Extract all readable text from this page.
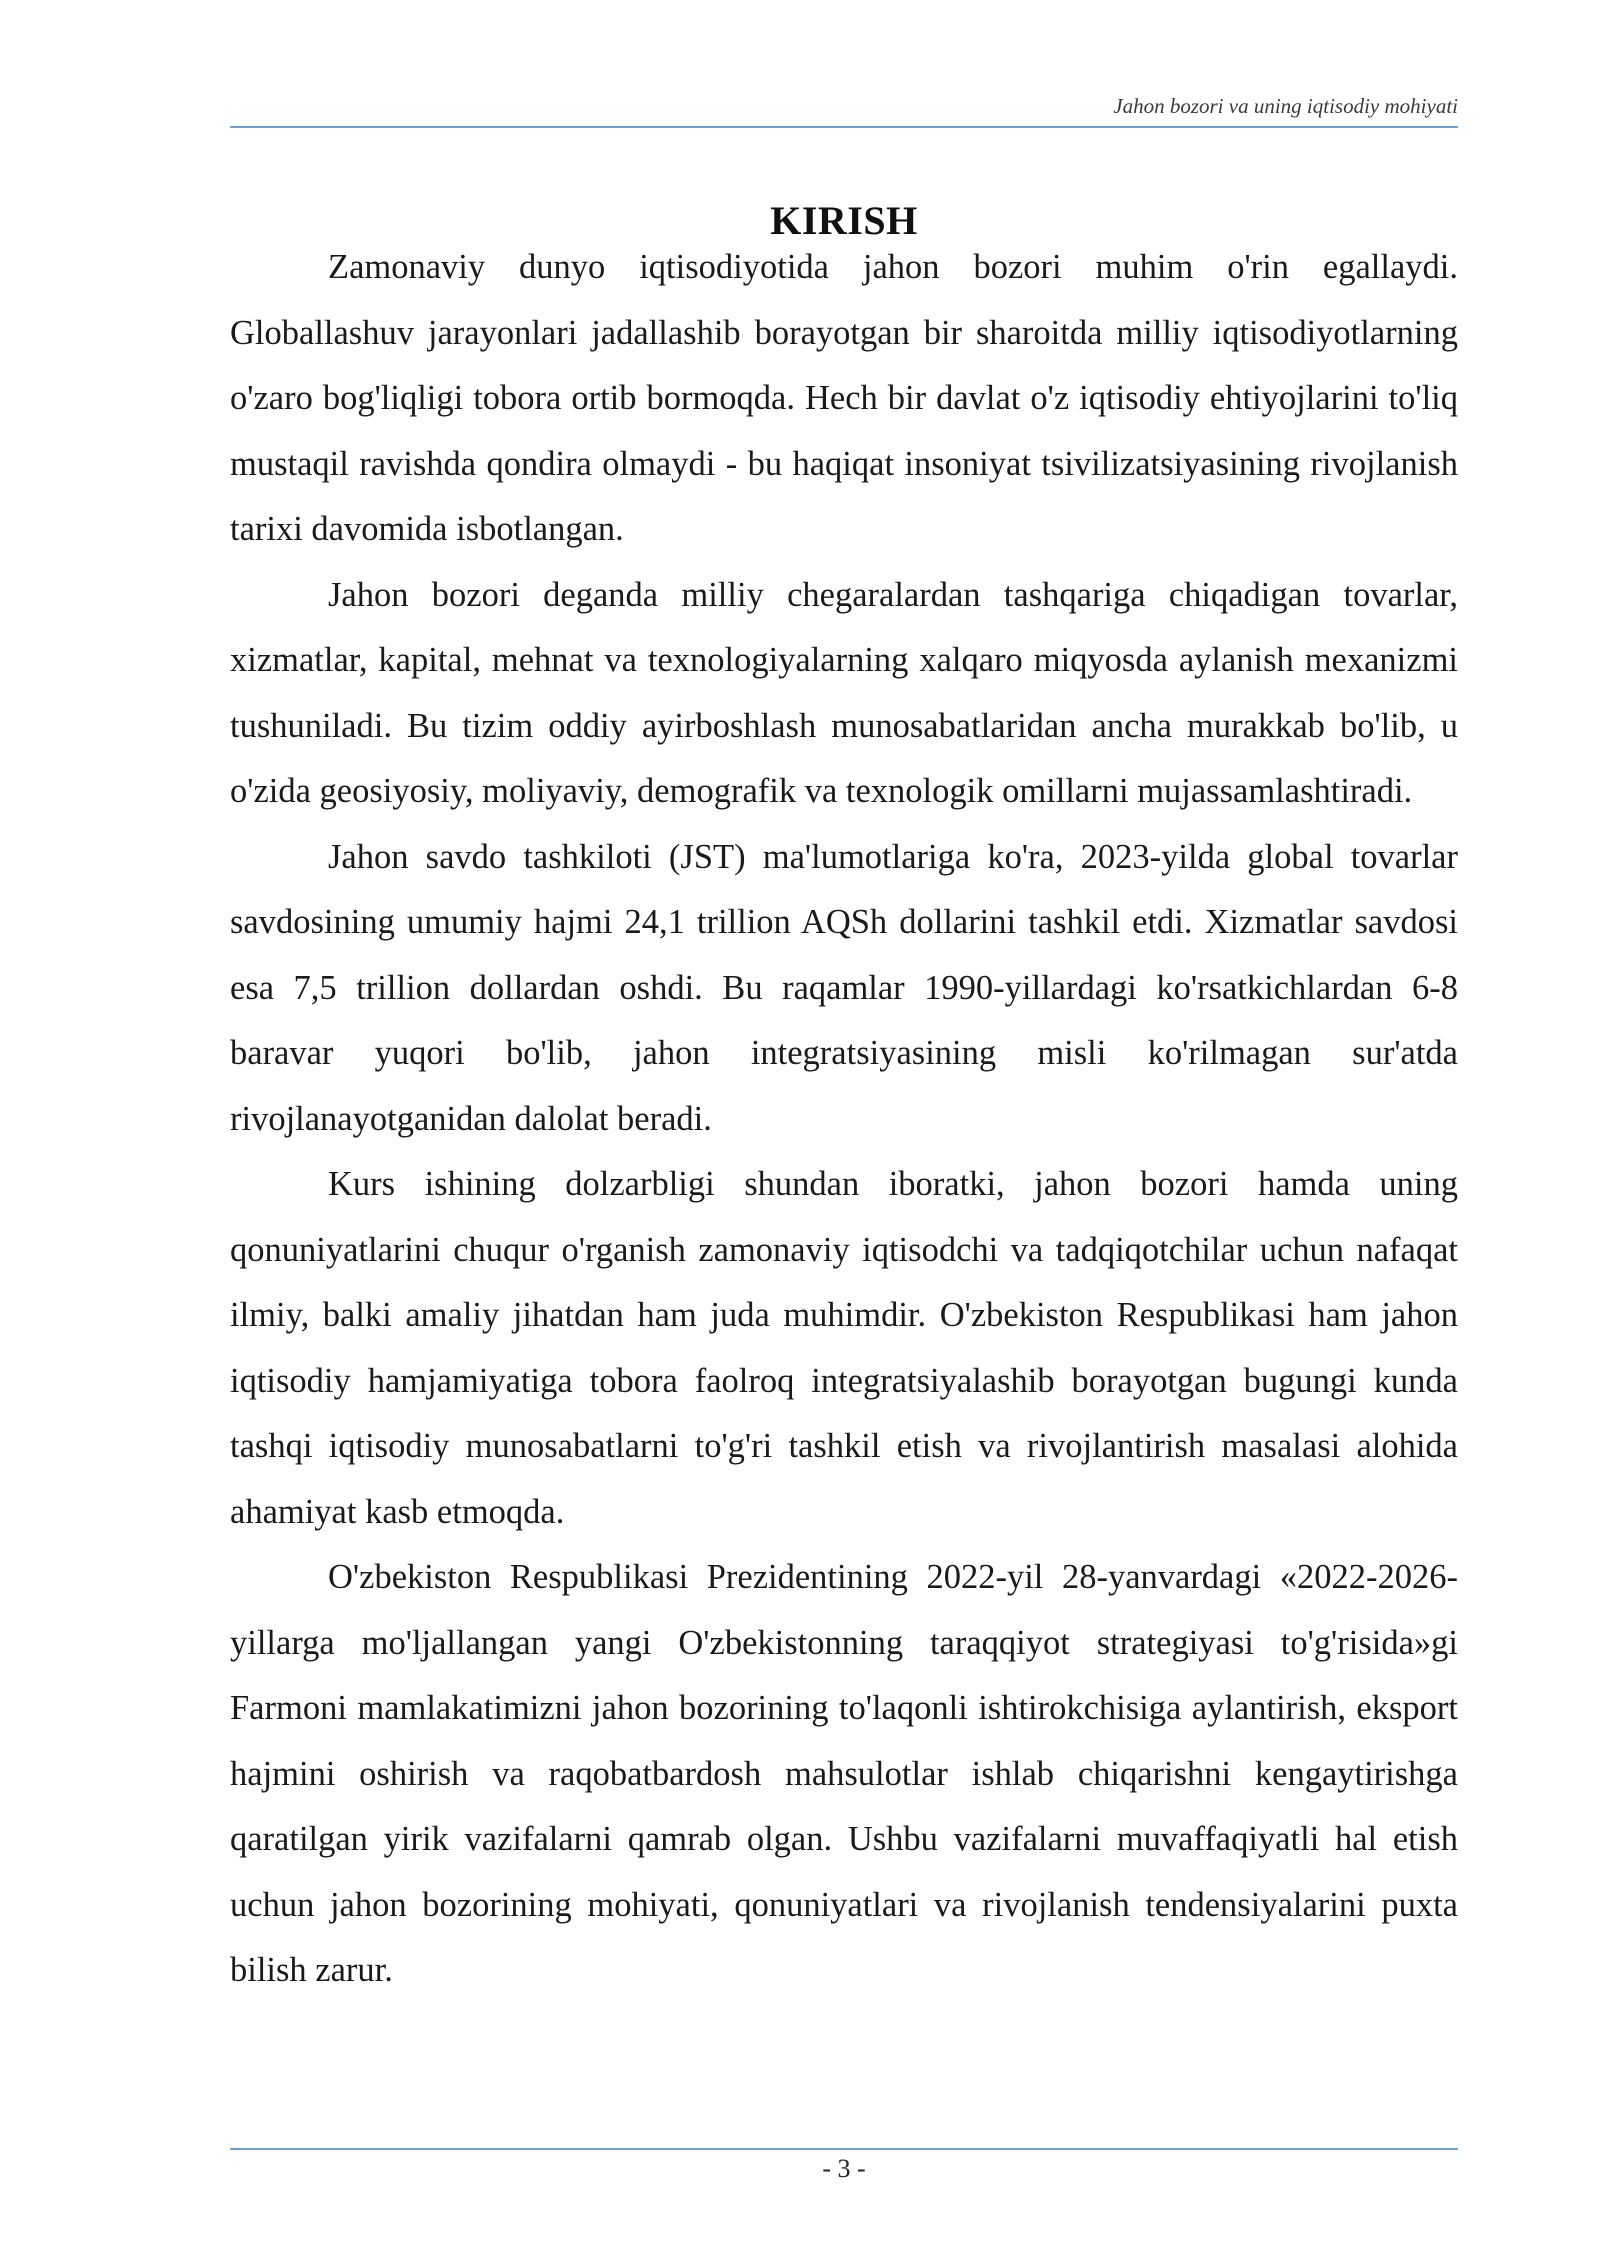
Jahon bozori va uning iqtisodiy mohiyati
KIRISH

Zamonaviy dunyo iqtisodiyotida jahon bozori muhim o'rin egallaydi. Globallashuv jarayonlari jadallashib borayotgan bir sharoitda milliy iqtisodiyotlarning o'zaro bog'liqligi tobora ortib bormoqda. Hech bir davlat o'z iqtisodiy ehtiyojlarini to'liq mustaqil ravishda qondira olmaydi - bu haqiqat insoniyat tsivilizatsiyasining rivojlanish tarixi davomida isbotlangan.

Jahon bozori deganda milliy chegaralardan tashqariga chiqadigan tovarlar, xizmatlar, kapital, mehnat va texnologiyalarning xalqaro miqyosda aylanish mexanizmi tushuniladi. Bu tizim oddiy ayirboshlash munosabatlaridan ancha murakkab bo'lib, u o'zida geosiyosiy, moliyaviy, demografik va texnologik omillarni mujassamlashtiradi.

Jahon savdo tashkiloti (JST) ma'lumotlariga ko'ra, 2023-yilda global tovarlar savdosining umumiy hajmi 24,1 trillion AQSh dollarini tashkil etdi. Xizmatlar savdosi esa 7,5 trillion dollardan oshdi. Bu raqamlar 1990-yillardagi ko'rsatkichlardan 6-8 baravar yuqori bo'lib, jahon integratsiyasining misli ko'rilmagan sur'atda rivojlanayotganidan dalolat beradi.

Kurs ishining dolzarbligi shundan iboratki, jahon bozori hamda uning qonuniyatlarini chuqur o'rganish zamonaviy iqtisodchi va tadqiqotchilar uchun nafaqat ilmiy, balki amaliy jihatdan ham juda muhimdir. O'zbekiston Respublikasi ham jahon iqtisodiy hamjamiyatiga tobora faolroq integratsiyalashib borayotgan bugungi kunda tashqi iqtisodiy munosabatlarni to'g'ri tashkil etish va rivojlantirish masalasi alohida ahamiyat kasb etmoqda.

O'zbekiston Respublikasi Prezidentining 2022-yil 28-yanvardagi «2022-2026-yillarga mo'ljallangan yangi O'zbekistonning taraqqiyot strategiyasi to'g'risida»gi Farmoni mamlakatimizni jahon bozorining to'laqonli ishtirokchisiga aylantirish, eksport hajmini oshirish va raqobatbardosh mahsulotlar ishlab chiqarishni kengaytirishga qaratilgan yirik vazifalarni qamrab olgan. Ushbu vazifalarni muvaffaqiyatli hal etish uchun jahon bozorining mohiyati, qonuniyatlari va rivojlanish tendensiyalarini puxta bilish zarur.

- 3 -
